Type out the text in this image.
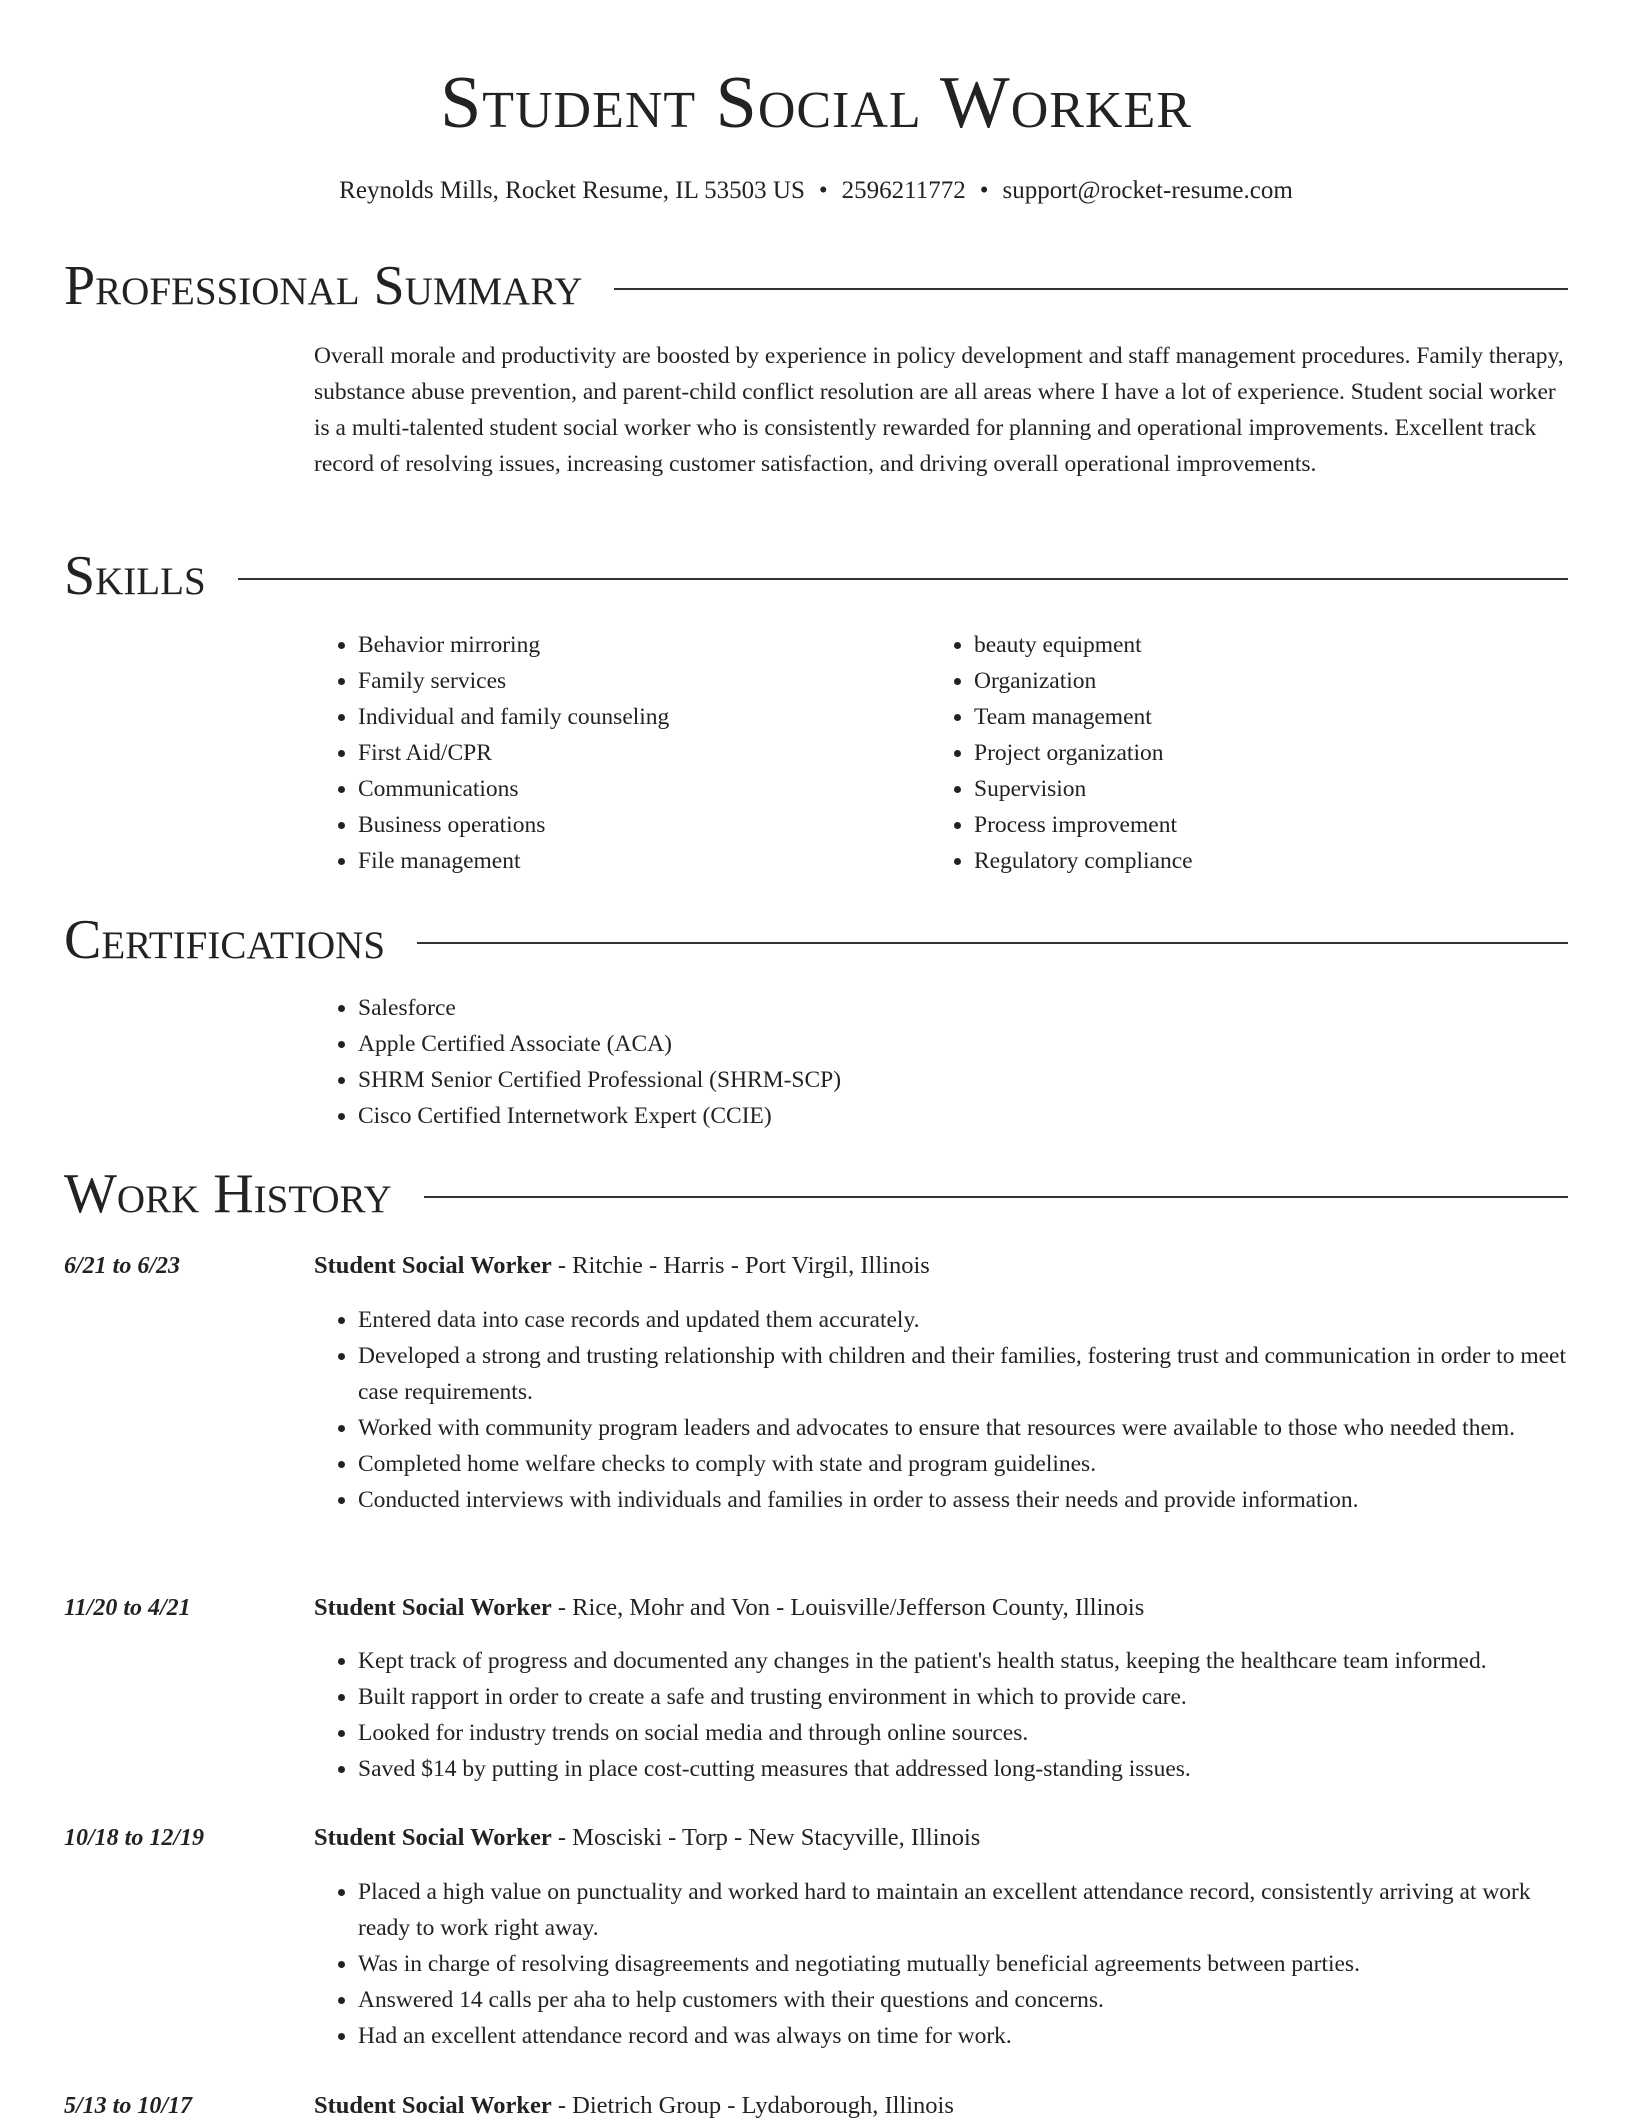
Student Social Worker
Reynolds Mills, Rocket Resume, IL 53503 US • 2596211772 • support@rocket-resume.com
Professional Summary

Overall morale and productivity are boosted by experience in policy development and staff management procedures. Family therapy, substance abuse prevention, and parent-child conflict resolution are all areas where I have a lot of experience. Student social worker is a multi-talented student social worker who is consistently rewarded for planning and operational improvements. Excellent track record of resolving issues, increasing customer satisfaction, and driving overall operational improvements.

Skills
• Behavior mirroring
• Family services
• Individual and family counseling
• First Aid/CPR
• Communications
• Business operations
• File management
• beauty equipment
• Organization
• Team management
• Project organization
• Supervision
• Process improvement
• Regulatory compliance
Certifications
• Salesforce
• Apple Certified Associate (ACA)
• SHRM Senior Certified Professional (SHRM-SCP)
• Cisco Certified Internetwork Expert (CCIE)
Work History
6/21 to 6/23	Student Social Worker - Ritchie - Harris - Port Virgil, Illinois
• Entered data into case records and updated them accurately.
• Developed a strong and trusting relationship with children and their families, fostering trust and communication in order to meet case requirements.
• Worked with community program leaders and advocates to ensure that resources were available to those who needed them.
• Completed home welfare checks to comply with state and program guidelines.
• Conducted interviews with individuals and families in order to assess their needs and provide information.
11/20 to 4/21	Student Social Worker - Rice, Mohr and Von - Louisville/Jefferson County, Illinois
• Kept track of progress and documented any changes in the patient's health status, keeping the healthcare team informed.
• Built rapport in order to create a safe and trusting environment in which to provide care.
• Looked for industry trends on social media and through online sources.
• Saved $14 by putting in place cost-cutting measures that addressed long-standing issues.
10/18 to 12/19	Student Social Worker - Mosciski - Torp - New Stacyville, Illinois
• Placed a high value on punctuality and worked hard to maintain an excellent attendance record, consistently arriving at work ready to work right away.
• Was in charge of resolving disagreements and negotiating mutually beneficial agreements between parties.
• Answered 14 calls per aha to help customers with their questions and concerns.
• Had an excellent attendance record and was always on time for work.
5/13 to 10/17	Student Social Worker - Dietrich Group - Lydaborough, Illinois
